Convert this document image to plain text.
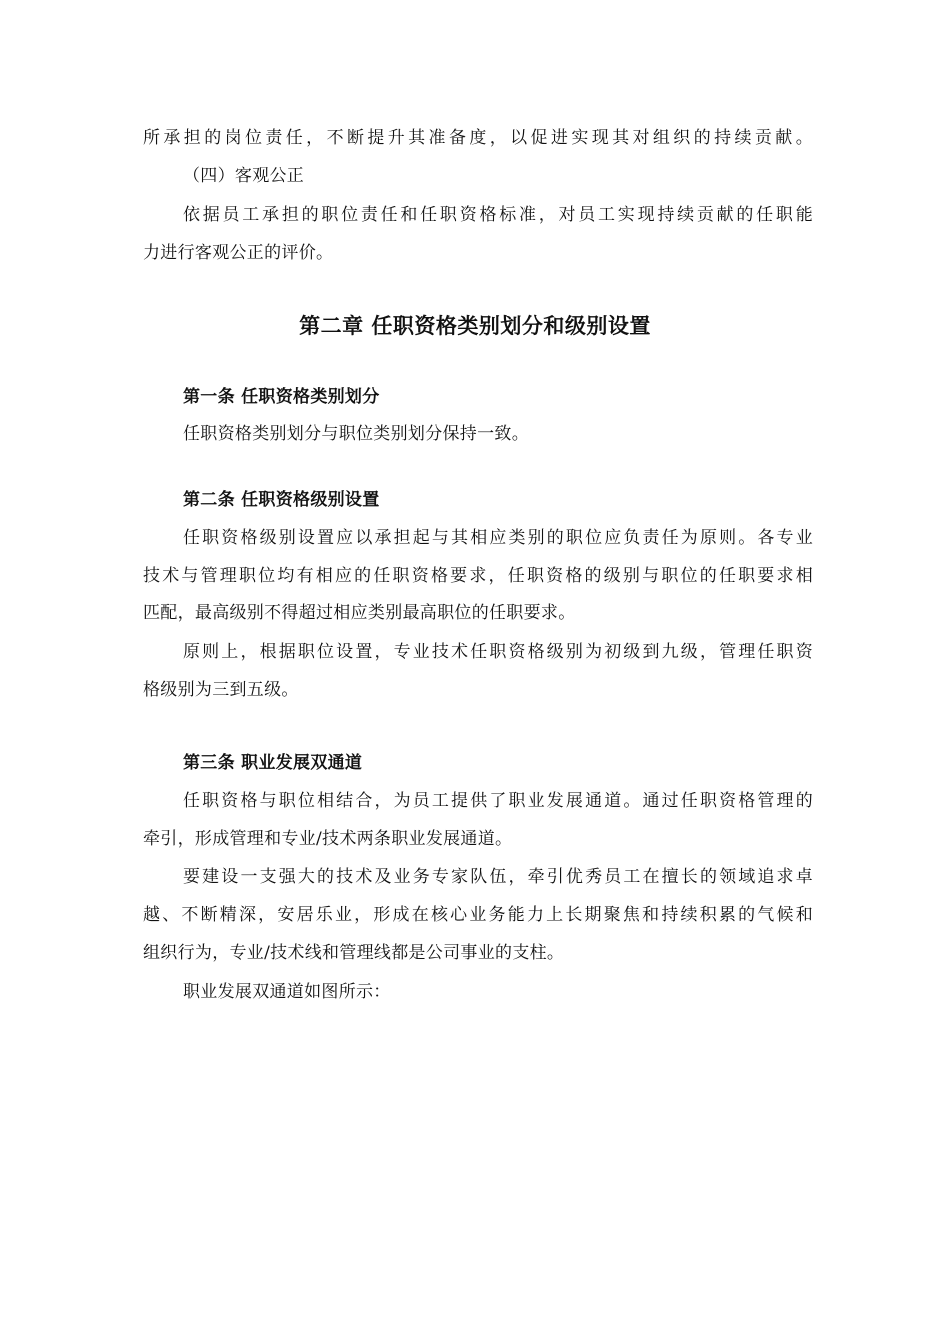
所承担的岗位责任，不断提升其准备度，以促进实现其对组织的持续贡献。
（四）客观公正
依据员工承担的职位责任和任职资格标准，对员工实现持续贡献的任职能
力进行客观公正的评价。
第二章 任职资格类别划分和级别设置
第一条 任职资格类别划分
任职资格类别划分与职位类别划分保持一致。
第二条 任职资格级别设置
任职资格级别设置应以承担起与其相应类别的职位应负责任为原则。各专业
技术与管理职位均有相应的任职资格要求，任职资格的级别与职位的任职要求相
匹配，最高级别不得超过相应类别最高职位的任职要求。
原则上，根据职位设置，专业技术任职资格级别为初级到九级，管理任职资
格级别为三到五级。
第三条 职业发展双通道
任职资格与职位相结合，为员工提供了职业发展通道。通过任职资格管理的
牵引，形成管理和专业/技术两条职业发展通道。
要建设一支强大的技术及业务专家队伍，牵引优秀员工在擅长的领域追求卓
越、不断精深，安居乐业，形成在核心业务能力上长期聚焦和持续积累的气候和
组织行为，专业/技术线和管理线都是公司事业的支柱。
职业发展双通道如图所示：
